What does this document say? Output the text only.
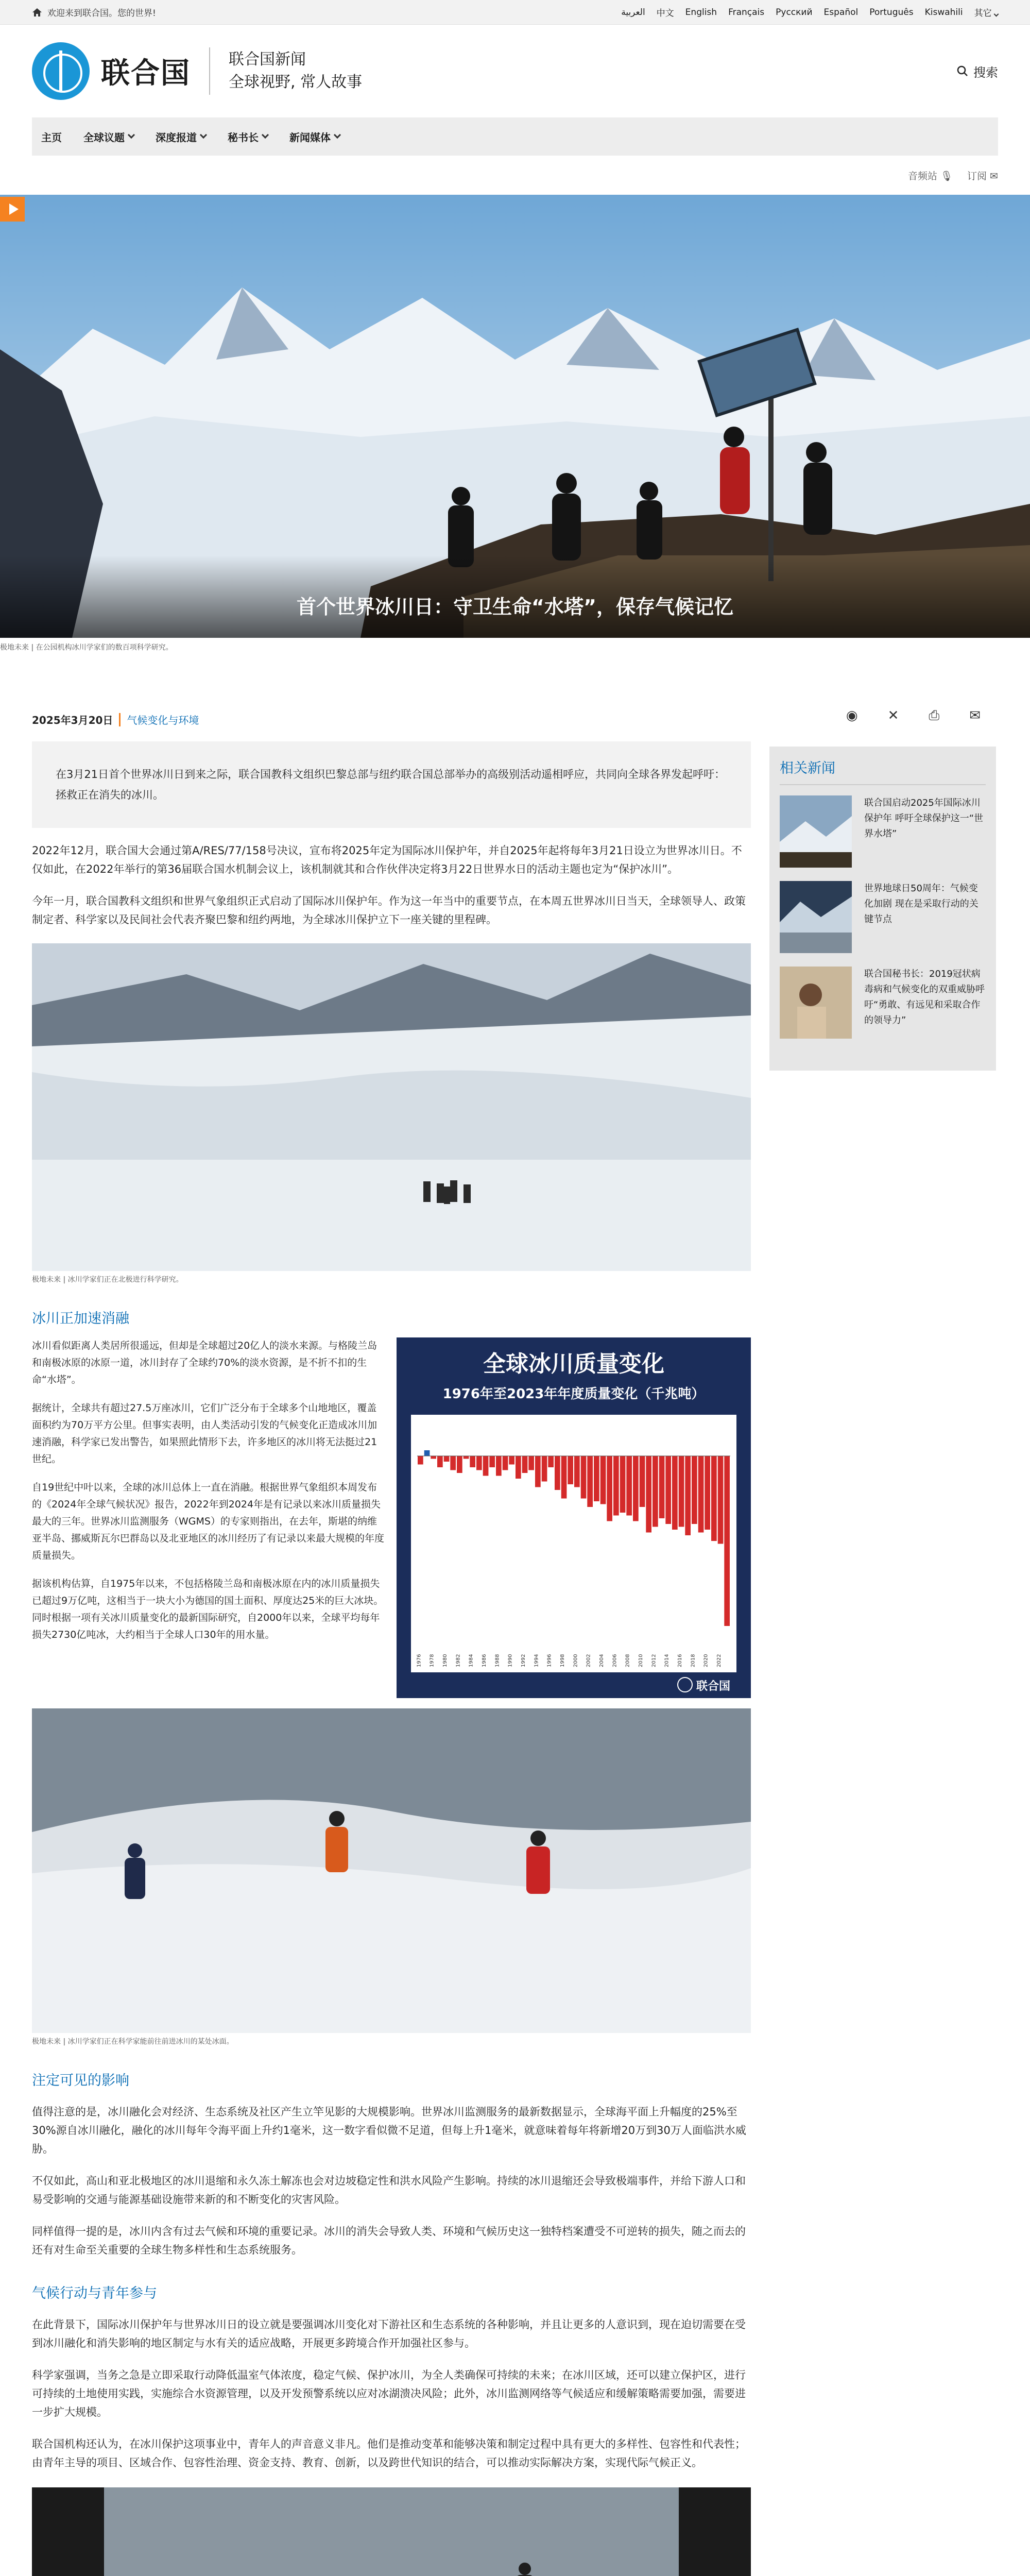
欢迎来到联合国。您的世界!	العربية 中文 English Français Русский Español Português Kiswahili 其它
联合国 联合国新闻
全球视野, 常人故事
搜索
主页 全球议题	深度报道	秘书长	新闻媒体
音频站 🎙 订阅 ✉
首个世界冰川日：守卫生命“水塔”，保存气候记忆
极地未来 | 在公园机构冰川学家们的数百项科学研究。
2025年3月20日 气候变化与环境
在3月21日首个世界冰川日到来之际，联合国教科文组织巴黎总部与纽约联合国总部举办的高级别活动遥相呼应，共同向全球各界发起呼吁：拯救正在消失的冰川。

2022年12月，联合国大会通过第A/RES/77/158号决议，宣布将2025年定为国际冰川保护年，并自2025年起将每年3月21日设立为世界冰川日。不仅如此，在2022年举行的第36届联合国水机制会议上，该机制就其和合作伙伴决定将3月22日世界水日的活动主题也定为“保护冰川”。

今年一月，联合国教科文组织和世界气象组织正式启动了国际冰川保护年。作为这一年当中的重要节点，在本周五世界冰川日当天，全球领导人、政策制定者、科学家以及民间社会代表齐聚巴黎和纽约两地，为全球冰川保护立下一座关键的里程碑。

极地未来 | 冰川学家们正在北极进行科学研究。
冰川正加速消融

冰川看似距离人类居所很遥远，但却是全球超过20亿人的淡水来源。与格陵兰岛和南极冰原的冰原一道，冰川封存了全球约70%的淡水资源，是不折不扣的生命“水塔”。

据统计，全球共有超过27.5万座冰川，它们广泛分布于全球多个山地地区，覆盖面积约为70万平方公里。但事实表明，由人类活动引发的气候变化正造成冰川加速消融，科学家已发出警告，如果照此情形下去，许多地区的冰川将无法挺过21世纪。

自19世纪中叶以来，全球的冰川总体上一直在消融。根据世界气象组织本周发布的《2024年全球气候状况》报告，2022年到2024年是有记录以来冰川质量损失最大的三年。世界冰川监测服务（WGMS）的专家则指出，在去年，斯堪的纳维亚半岛、挪威斯瓦尔巴群岛以及北亚地区的冰川经历了有记录以来最大规模的年度质量损失。

据该机构估算，自1975年以来，不包括格陵兰岛和南极冰原在内的冰川质量损失已超过9万亿吨，这相当于一块大小为德国的国土面积、厚度达25米的巨大冰块。同时根据一项有关冰川质量变化的最新国际研究，自2000年以来，全球平均每年损失2730亿吨冰，大约相当于全球人口30年的用水量。

全球冰川质量变化
1976年至2023年年度质量变化（千兆吨）
1976 1978 1980 1982 1984 1986 1988 1990 1992 1994 1996 1998 2000 2002 2004 2006 2008 2010 2012 2014 2016 2018 2020 2022
联合国
极地未来 | 冰川学家们正在科学家能前往前进冰川的某处冰面。
注定可见的影响

值得注意的是，冰川融化会对经济、生态系统及社区产生立竿见影的大规模影响。世界冰川监测服务的最新数据显示，全球海平面上升幅度的25%至30%源自冰川融化，融化的冰川每年令海平面上升约1毫米，这一数字看似微不足道，但每上升1毫米，就意味着每年将新增20万到30万人面临洪水威胁。

不仅如此，高山和亚北极地区的冰川退缩和永久冻土解冻也会对边坡稳定性和洪水风险产生影响。持续的冰川退缩还会导致极端事件，并给下游人口和易受影响的交通与能源基础设施带来新的和不断变化的灾害风险。

同样值得一提的是，冰川内含有过去气候和环境的重要记录。冰川的消失会导致人类、环境和气候历史这一独特档案遭受不可逆转的损失，随之而去的还有对生命至关重要的全球生物多样性和生态系统服务。

气候行动与青年参与

在此背景下，国际冰川保护年与世界冰川日的设立就是要强调冰川变化对下游社区和生态系统的各种影响，并且让更多的人意识到，现在迫切需要在受到冰川融化和消失影响的地区制定与水有关的适应战略，开展更多跨境合作开加强社区参与。

科学家强调，当务之急是立即采取行动降低温室气体浓度，稳定气候、保护冰川，为全人类确保可持续的未来；在冰川区域，还可以建立保护区，进行可持续的土地使用实践，实施综合水资源管理，以及开发预警系统以应对冰湖溃决风险；此外，冰川监测网络等气候适应和缓解策略需要加强，需要进一步扩大规模。

联合国机构还认为，在冰川保护这项事业中，青年人的声音意义非凡。他们是推动变革和能够决策和制定过程中具有更大的多样性、包容性和代表性；由青年主导的项目、区域合作、包容性治理、资金支持、教育、创新，以及跨世代知识的结合，可以推动实际解决方案，实现代际气候正义。

◉ ✕ ⎙ ✉
相关新闻
联合国启动2025年国际冰川保护年 呼吁全球保护这一“世界水塔”
世界地球日50周年：气候变化加剧 现在是采取行动的关键节点
联合国秘书长：2019冠状病毒病和气候变化的双重威胁呼吁“勇敢、有远见和采取合作的领导力”
